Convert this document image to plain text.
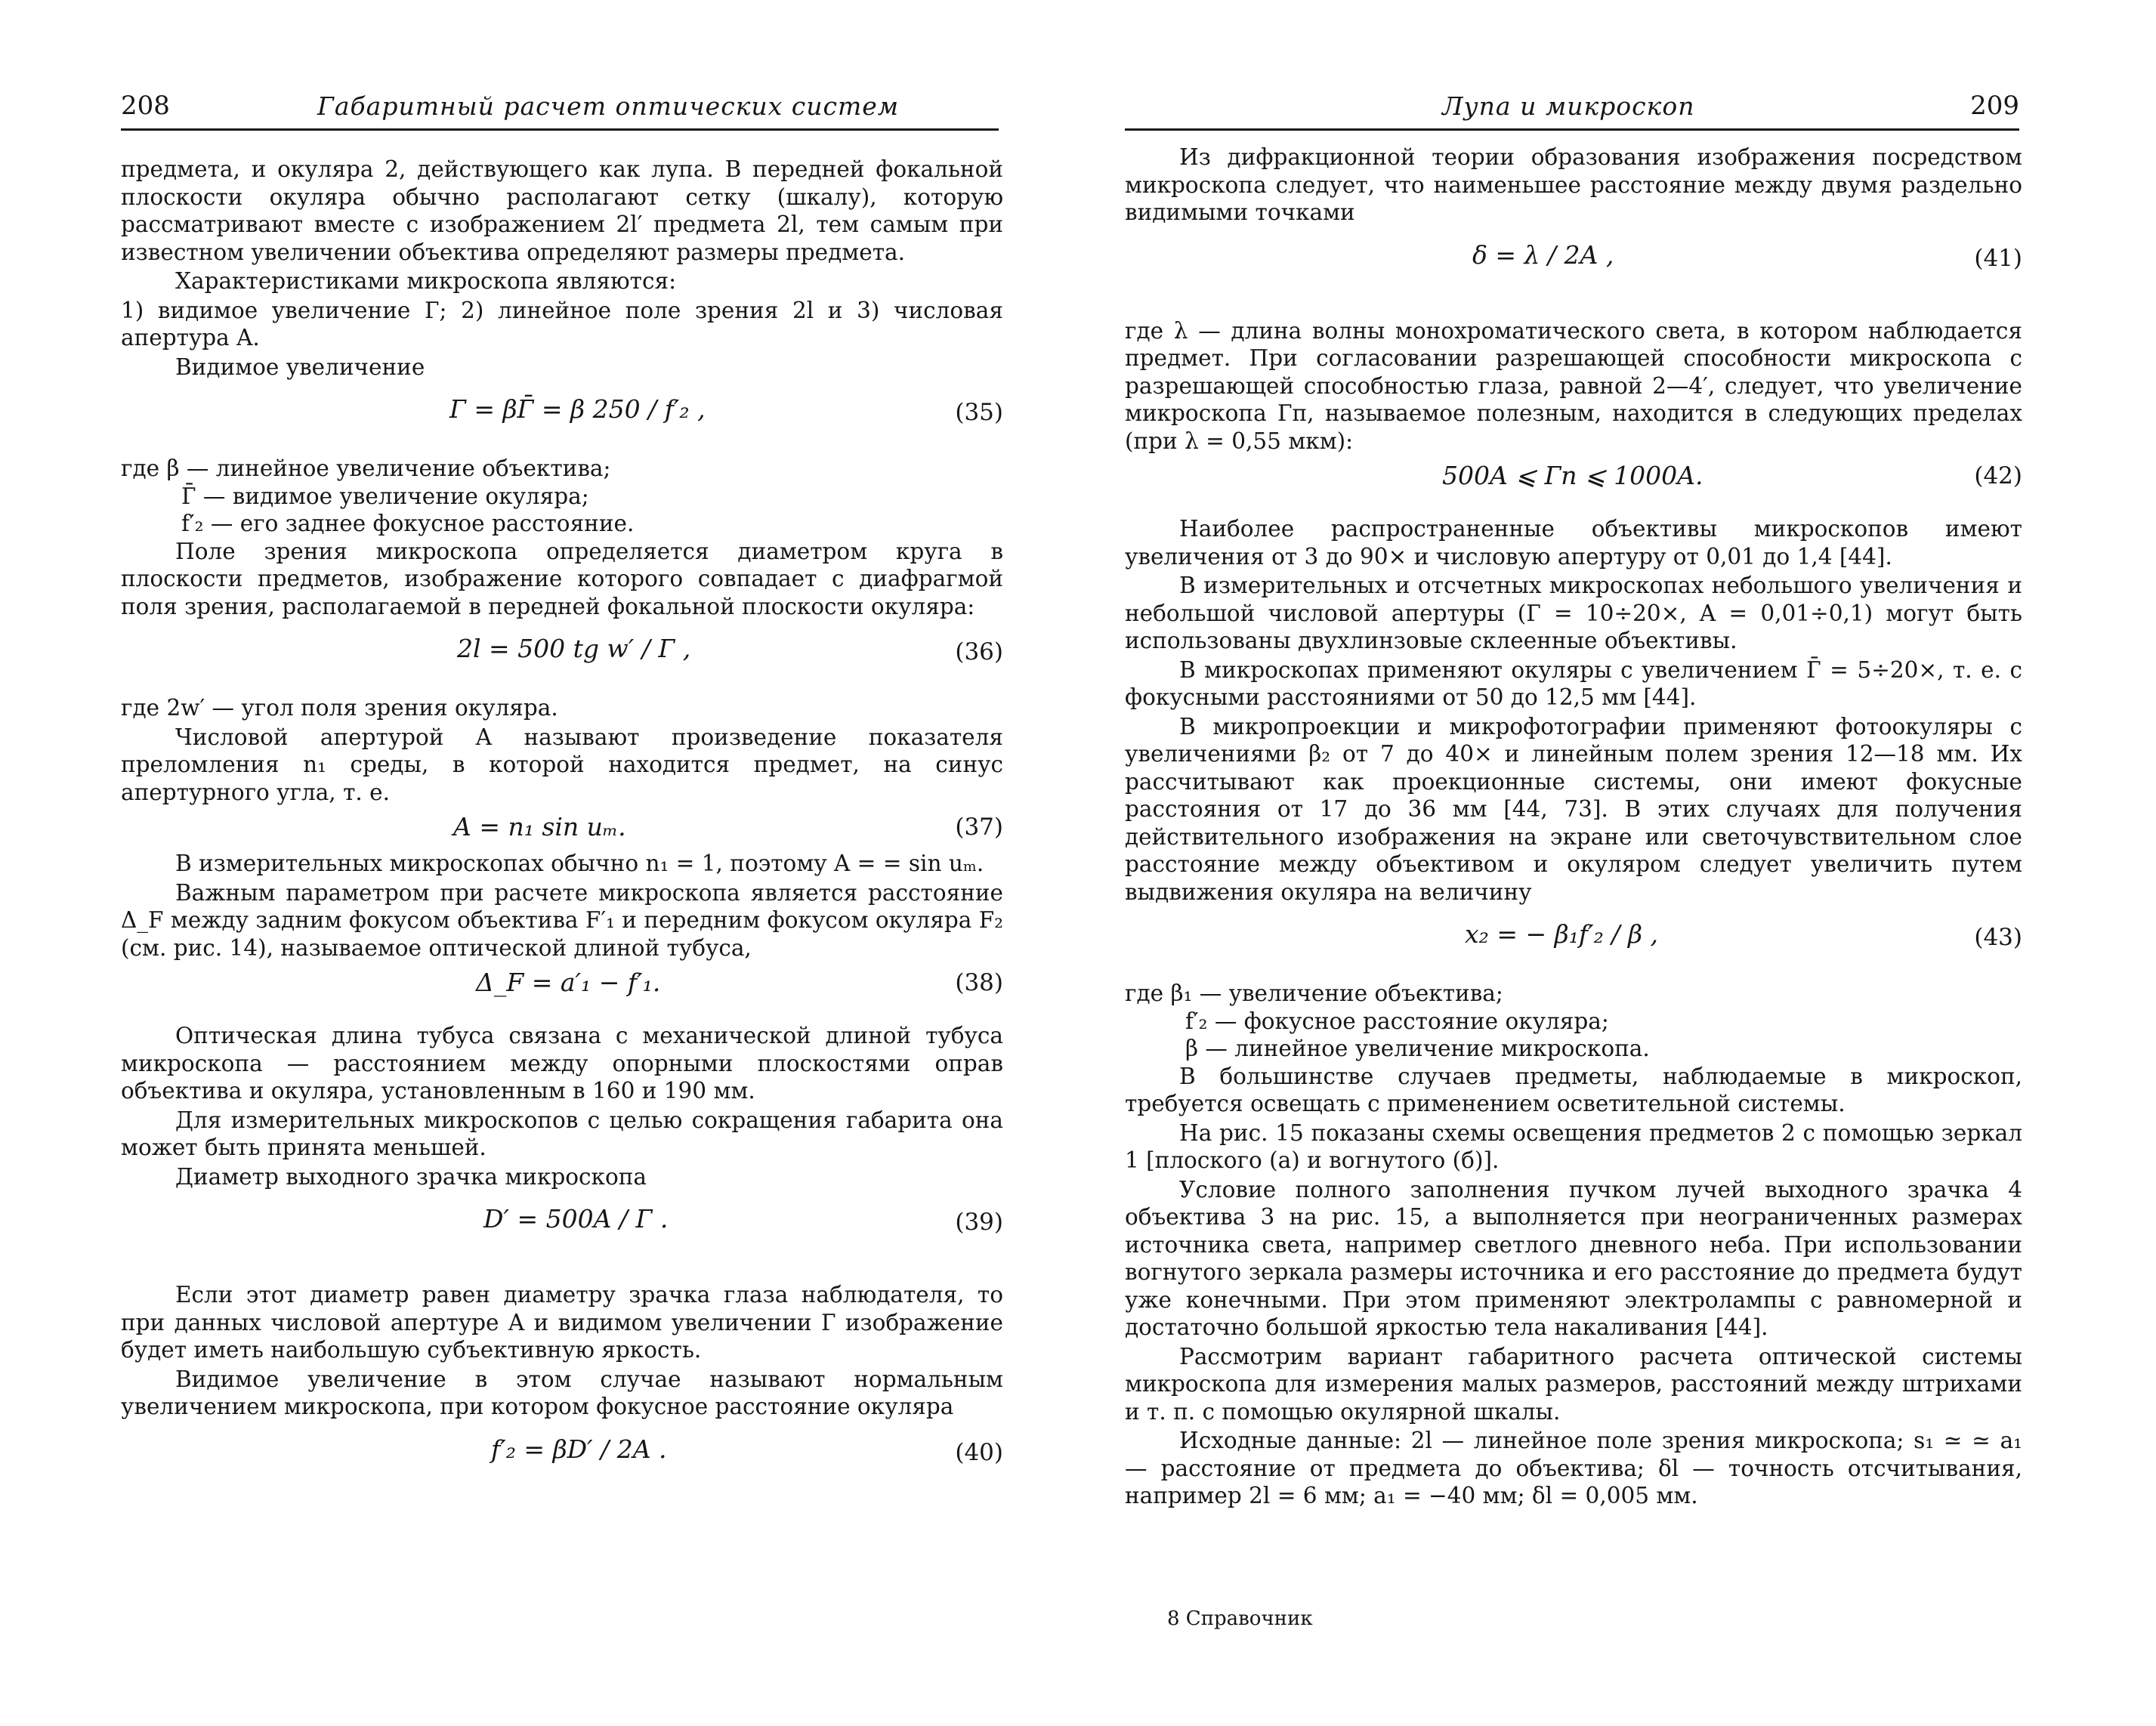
208	Габаритный расчет оптических систем

предмета, и окуляра 2, действующего как лупа. В передней фокальной плоскости окуляра обычно располагают сетку (шкалу), которую рассматривают вместе с изображением 2l′ предмета 2l, тем самым при известном увеличении объектива определяют размеры предмета.

Характеристиками микроскопа являются:

1) видимое увеличение Г; 2) линейное поле зрения 2l и 3) числовая апертура A.

Видимое увеличение

Г = βГ̄ = β 250 / f′₂ ,	(35)
где β — линейное увеличение объектива;
Г̄ — видимое увеличение окуляра;
f′₂ — его заднее фокусное расстояние.

Поле зрения микроскопа определяется диаметром круга в плоскости предметов, изображение которого совпадает с диафрагмой поля зрения, располагаемой в передней фокальной плоскости окуляра:

2l = 500 tg w′ / Г ,	(36)

где 2w′ — угол поля зрения окуляра.

Числовой апертурой A называют произведение показателя преломления n₁ среды, в которой находится предмет, на синус апертурного угла, т. е.

A = n₁ sin uₘ.	(37)

В измерительных микроскопах обычно n₁ = 1, поэтому A = = sin uₘ.

Важным параметром при расчете микроскопа является расстояние Δ_F между задним фокусом объектива F′₁ и передним фокусом окуляра F₂ (см. рис. 14), называемое оптической длиной тубуса,

Δ_F = a′₁ − f′₁.	(38)

Оптическая длина тубуса связана с механической длиной тубуса микроскопа — расстоянием между опорными плоскостями оправ объектива и окуляра, установленным в 160 и 190 мм.

Для измерительных микроскопов с целью сокращения габарита она может быть принята меньшей.

Диаметр выходного зрачка микроскопа

D′ = 500A / Г .	(39)

Если этот диаметр равен диаметру зрачка глаза наблюдателя, то при данных числовой апертуре A и видимом увеличении Г изображение будет иметь наибольшую субъективную яркость.

Видимое увеличение в этом случае называют нормальным увеличением микроскопа, при котором фокусное расстояние окуляра

f′₂ = βD′ / 2A .	(40)
Лупа и микроскоп	209

Из дифракционной теории образования изображения посредством микроскопа следует, что наименьшее расстояние между двумя раздельно видимыми точками

δ = λ / 2A ,	(41)

где λ — длина волны монохроматического света, в котором наблюдается предмет. При согласовании разрешающей способности микроскопа с разрешающей способностью глаза, равной 2—4′, следует, что увеличение микроскопа Гп, называемое полезным, находится в следующих пределах (при λ = 0,55 мкм):

500A ⩽ Гп ⩽ 1000A.	(42)

Наиболее распространенные объективы микроскопов имеют увеличения от 3 до 90× и числовую апертуру от 0,01 до 1,4 [44].

В измерительных и отсчетных микроскопах небольшого увеличения и небольшой числовой апертуры (Г = 10÷20×, A = 0,01÷0,1) могут быть использованы двухлинзовые склеенные объективы.

В микроскопах применяют окуляры с увеличением Г̄ = 5÷20×, т. е. с фокусными расстояниями от 50 до 12,5 мм [44].

В микропроекции и микрофотографии применяют фотоокуляры с увеличениями β₂ от 7 до 40× и линейным полем зрения 12—18 мм. Их рассчитывают как проекционные системы, они имеют фокусные расстояния от 17 до 36 мм [44, 73]. В этих случаях для получения действительного изображения на экране или светочувствительном слое расстояние между объективом и окуляром следует увеличить путем выдвижения окуляра на величину

x₂ = − β₁f′₂ / β ,	(43)
где β₁ — увеличение объектива;
f′₂ — фокусное расстояние окуляра;
β — линейное увеличение микроскопа.

В большинстве случаев предметы, наблюдаемые в микроскоп, требуется освещать с применением осветительной системы.

На рис. 15 показаны схемы освещения предметов 2 с помощью зеркал 1 [плоского (а) и вогнутого (б)].

Условие полного заполнения пучком лучей выходного зрачка 4 объектива 3 на рис. 15, а выполняется при неограниченных размерах источника света, например светлого дневного неба. При использовании вогнутого зеркала размеры источника и его расстояние до предмета будут уже конечными. При этом применяют электролампы с равномерной и достаточно большой яркостью тела накаливания [44].

Рассмотрим вариант габаритного расчета оптической системы микроскопа для измерения малых размеров, расстояний между штрихами и т. п. с помощью окулярной шкалы.

Исходные данные: 2l — линейное поле зрения микроскопа; s₁ ≃ ≃ a₁ — расстояние от предмета до объектива; δl — точность отсчитывания, например 2l = 6 мм; a₁ = −40 мм; δl = 0,005 мм.

8 Справочник
